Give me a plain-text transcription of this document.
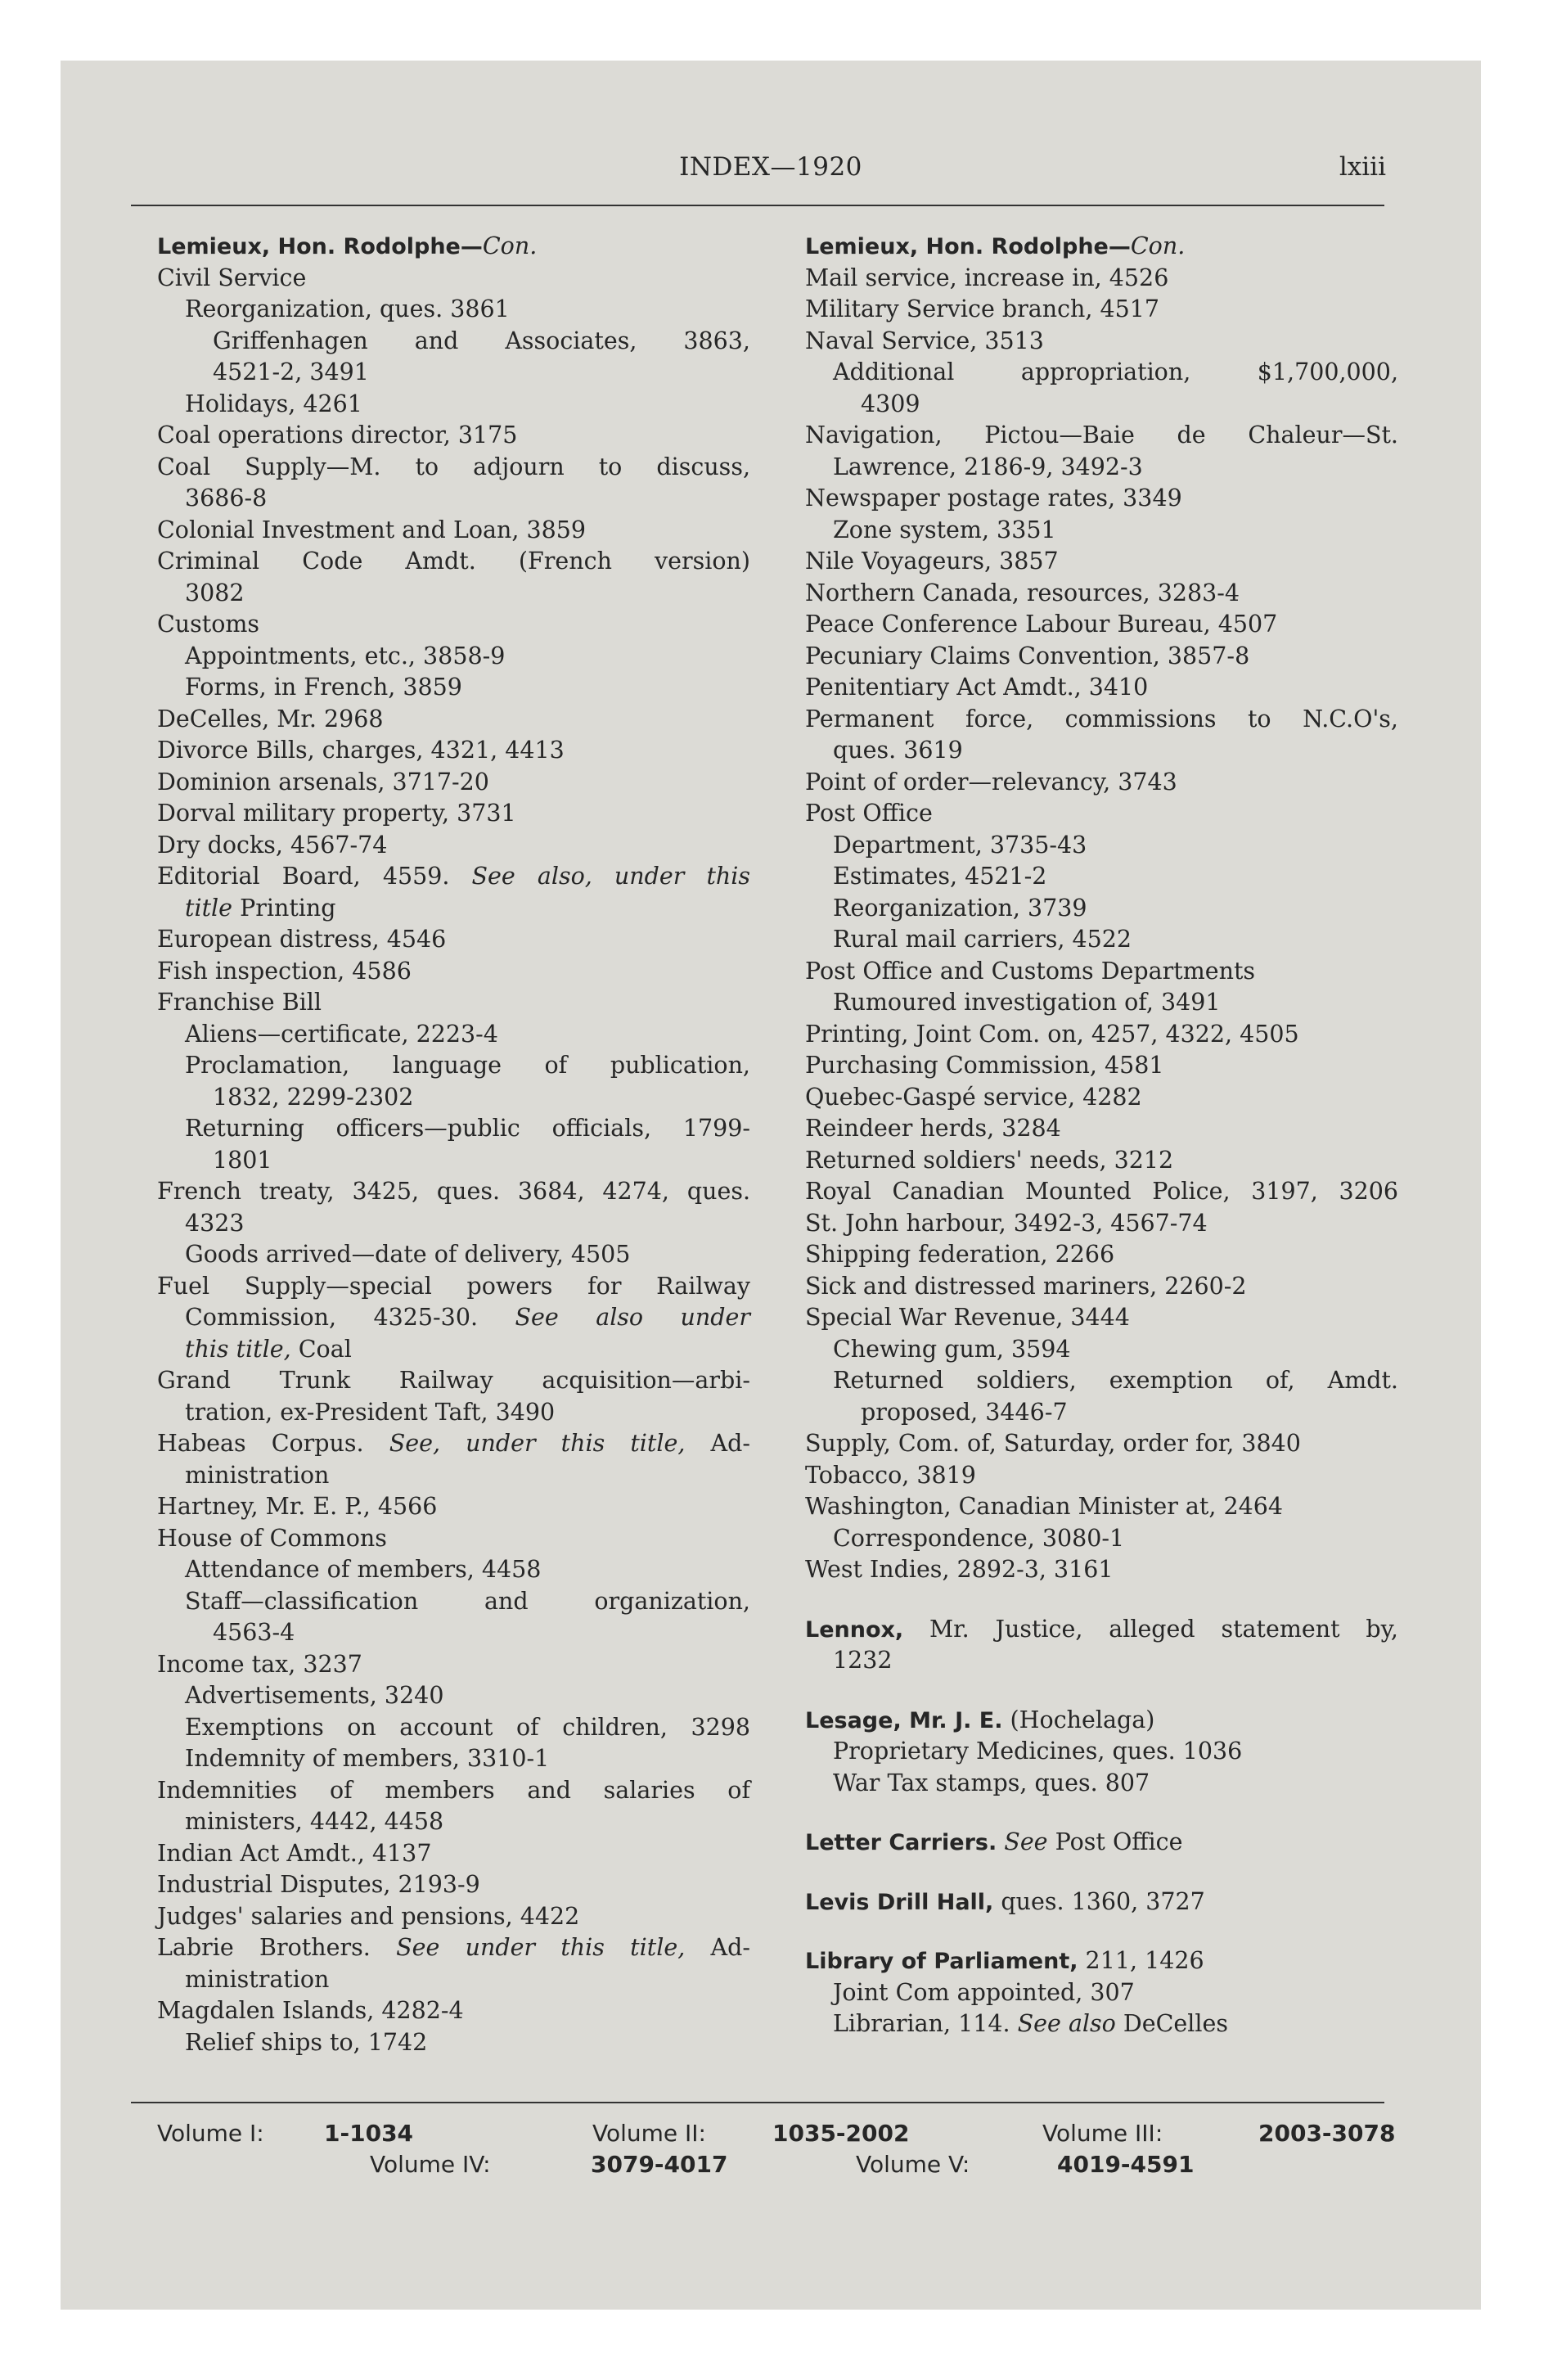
INDEX—1920	lxiii
Lemieux, Hon. Rodolphe—Con.
Civil Service
Reorganization, ques. 3861
Griffenhagen and Associates, 3863,
4521-2, 3491
Holidays, 4261
Coal operations director, 3175
Coal Supply—M. to adjourn to discuss,
3686-8
Colonial Investment and Loan, 3859
Criminal Code Amdt. (French version)
3082
Customs
Appointments, etc., 3858-9
Forms, in French, 3859
DeCelles, Mr. 2968
Divorce Bills, charges, 4321, 4413
Dominion arsenals, 3717-20
Dorval military property, 3731
Dry docks, 4567-74
Editorial Board, 4559. See also, under this
title Printing
European distress, 4546
Fish inspection, 4586
Franchise Bill
Aliens—certificate, 2223-4
Proclamation, language of publication,
1832, 2299-2302
Returning officers—public officials, 1799-
1801
French treaty, 3425, ques. 3684, 4274, ques.
4323
Goods arrived—date of delivery, 4505
Fuel Supply—special powers for Railway
Commission, 4325-30. See also under
this title, Coal
Grand Trunk Railway acquisition—arbi-
tration, ex-President Taft, 3490
Habeas Corpus. See, under this title, Ad-
ministration
Hartney, Mr. E. P., 4566
House of Commons
Attendance of members, 4458
Staff—classification and organization,
4563-4
Income tax, 3237
Advertisements, 3240
Exemptions on account of children, 3298
Indemnity of members, 3310-1
Indemnities of members and salaries of
ministers, 4442, 4458
Indian Act Amdt., 4137
Industrial Disputes, 2193-9
Judges' salaries and pensions, 4422
Labrie Brothers. See under this title, Ad-
ministration
Magdalen Islands, 4282-4
Relief ships to, 1742
Lemieux, Hon. Rodolphe—Con.
Mail service, increase in, 4526
Military Service branch, 4517
Naval Service, 3513
Additional appropriation, $1,700,000,
4309
Navigation, Pictou—Baie de Chaleur—St.
Lawrence, 2186-9, 3492-3
Newspaper postage rates, 3349
Zone system, 3351
Nile Voyageurs, 3857
Northern Canada, resources, 3283-4
Peace Conference Labour Bureau, 4507
Pecuniary Claims Convention, 3857-8
Penitentiary Act Amdt., 3410
Permanent force, commissions to N.C.O's,
ques. 3619
Point of order—relevancy, 3743
Post Office
Department, 3735-43
Estimates, 4521-2
Reorganization, 3739
Rural mail carriers, 4522
Post Office and Customs Departments
Rumoured investigation of, 3491
Printing, Joint Com. on, 4257, 4322, 4505
Purchasing Commission, 4581
Quebec-Gaspé service, 4282
Reindeer herds, 3284
Returned soldiers' needs, 3212
Royal Canadian Mounted Police, 3197, 3206
St. John harbour, 3492-3, 4567-74
Shipping federation, 2266
Sick and distressed mariners, 2260-2
Special War Revenue, 3444
Chewing gum, 3594
Returned soldiers, exemption of, Amdt.
proposed, 3446-7
Supply, Com. of, Saturday, order for, 3840
Tobacco, 3819
Washington, Canadian Minister at, 2464
Correspondence, 3080-1
West Indies, 2892-3, 3161
Lennox, Mr. Justice, alleged statement by,
1232
Lesage, Mr. J. E. (Hochelaga)
Proprietary Medicines, ques. 1036
War Tax stamps, ques. 807
Letter Carriers. See Post Office
Levis Drill Hall, ques. 1360, 3727
Library of Parliament, 211, 1426
Joint Com appointed, 307
Librarian, 114. See also DeCelles
Volume I:	1-1034	Volume II:	1035-2002	Volume III:	2003-3078
Volume IV:	3079-4017	Volume V:	4019-4591
